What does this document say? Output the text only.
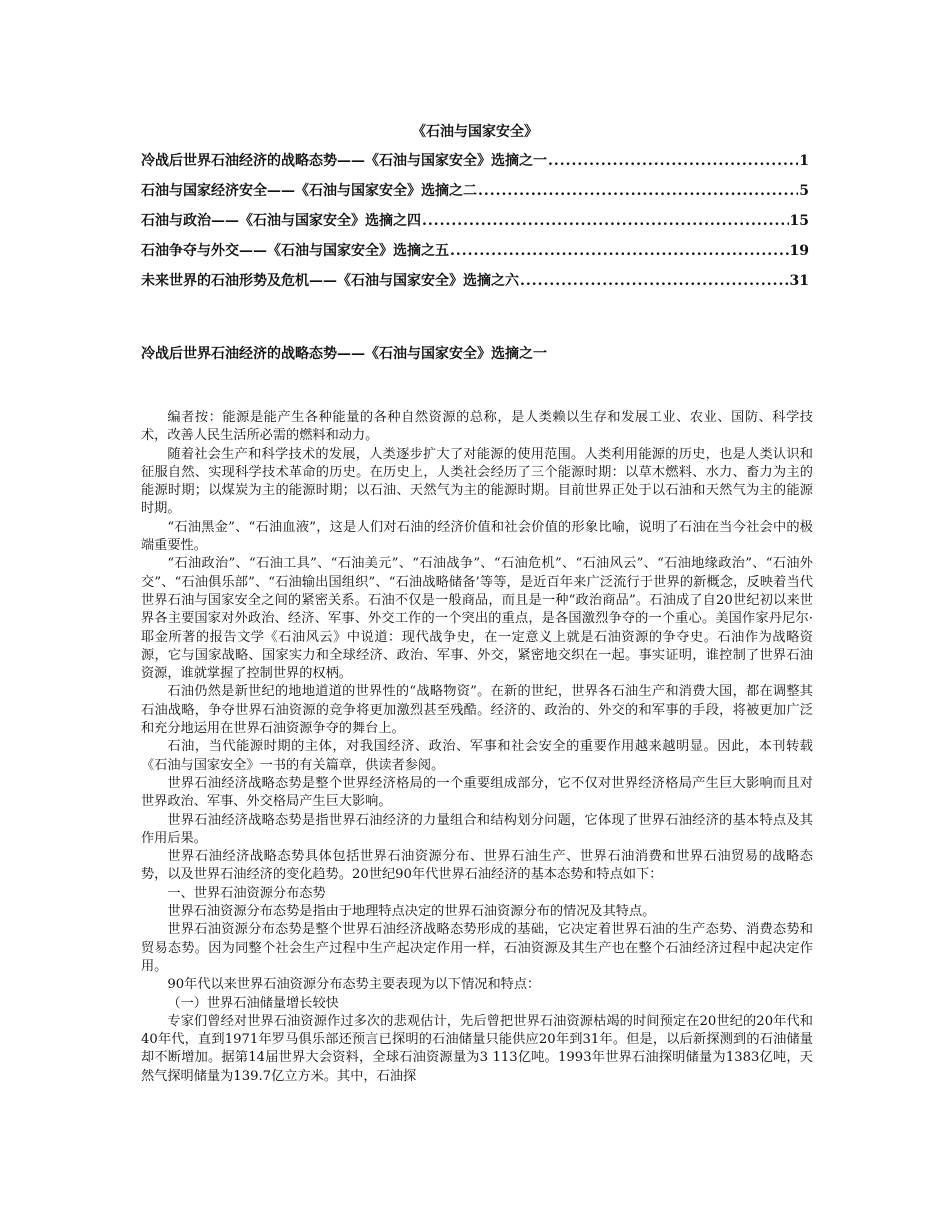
《石油与国家安全》
冷战后世界石油经济的战略态势——《石油与国家安全》选摘之一 .....	1
石油与国家经济安全——《石油与国家安全》选摘之二 .....	5
石油与政治——《石油与国家安全》选摘之四 .....	15
石油争夺与外交——《石油与国家安全》选摘之五 .....	19
未来世界的石油形势及危机——《石油与国家安全》选摘之六 .....	31
冷战后世界石油经济的战略态势——《石油与国家安全》选摘之一

编者按：能源是能产生各种能量的各种自然资源的总称，是人类赖以生存和发展工业、农业、国防、科学技术，改善人民生活所必需的燃料和动力。

随着社会生产和科学技术的发展，人类逐步扩大了对能源的使用范围。人类利用能源的历史，也是人类认识和征服自然、实现科学技术革命的历史。在历史上，人类社会经历了三个能源时期：以草木燃料、水力、畜力为主的能源时期；以煤炭为主的能源时期；以石油、天然气为主的能源时期。目前世界正处于以石油和天然气为主的能源时期。

“石油黑金”、“石油血液”，这是人们对石油的经济价值和社会价值的形象比喻，说明了石油在当今社会中的极端重要性。

“石油政治”、“石油工具”、“石油美元”、“石油战争”、“石油危机”、“石油风云”、“石油地缘政治”、“石油外交”、“石油俱乐部”、“石油输出国组织”、“石油战略储备’等等，是近百年来广泛流行于世界的新概念，反映着当代世界石油与国家安全之间的紧密关系。石油不仅是一般商品，而且是一种“政治商品”。石油成了自20世纪初以来世界各主要国家对外政治、经济、军事、外交工作的一个突出的重点，是各国激烈争夺的一个重心。美国作家丹尼尔·耶金所著的报告文学《石油风云》中说道：现代战争史，在一定意义上就是石油资源的争夺史。石油作为战略资源，它与国家战略、国家实力和全球经济、政治、军事、外交，紧密地交织在一起。事实证明，谁控制了世界石油资源，谁就掌握了控制世界的权柄。

石油仍然是新世纪的地地道道的世界性的“战略物资”。在新的世纪，世界各石油生产和消费大国，都在调整其石油战略，争夺世界石油资源的竞争将更加激烈甚至残酷。经济的、政治的、外交的和军事的手段，将被更加广泛和充分地运用在世界石油资源争夺的舞台上。

石油，当代能源时期的主体，对我国经济、政治、军事和社会安全的重要作用越来越明显。因此，本刊转载《石油与国家安全》一书的有关篇章，供读者参阅。

世界石油经济战略态势是整个世界经济格局的一个重要组成部分，它不仅对世界经济格局产生巨大影响而且对世界政治、军事、外交格局产生巨大影响。

世界石油经济战略态势是指世界石油经济的力量组合和结构划分问题，它体现了世界石油经济的基本特点及其作用后果。

世界石油经济战略态势具体包括世界石油资源分布、世界石油生产、世界石油消费和世界石油贸易的战略态势，以及世界石油经济的变化趋势。20世纪90年代世界石油经济的基本态势和特点如下：

一、世界石油资源分布态势

世界石油资源分布态势是指由于地理特点决定的世界石油资源分布的情况及其特点。

世界石油资源分布态势是整个世界石油经济战略态势形成的基础，它决定着世界石油的生产态势、消费态势和贸易态势。因为同整个社会生产过程中生产起决定作用一样，石油资源及其生产也在整个石油经济过程中起决定作用。

90年代以来世界石油资源分布态势主要表现为以下情况和特点：

（一）世界石油储量增长较快

专家们曾经对世界石油资源作过多次的悲观估计，先后曾把世界石油资源枯竭的时间预定在20世纪的20年代和40年代，直到1971年罗马俱乐部还预言已探明的石油储量只能供应20年到31年。但是，以后新探测到的石油储量却不断增加。据第14届世界大会资料，全球石油资源量为3 113亿吨。1993年世界石油探明储量为1383亿吨，天然气探明储量为139.7亿立方米。其中，石油探
